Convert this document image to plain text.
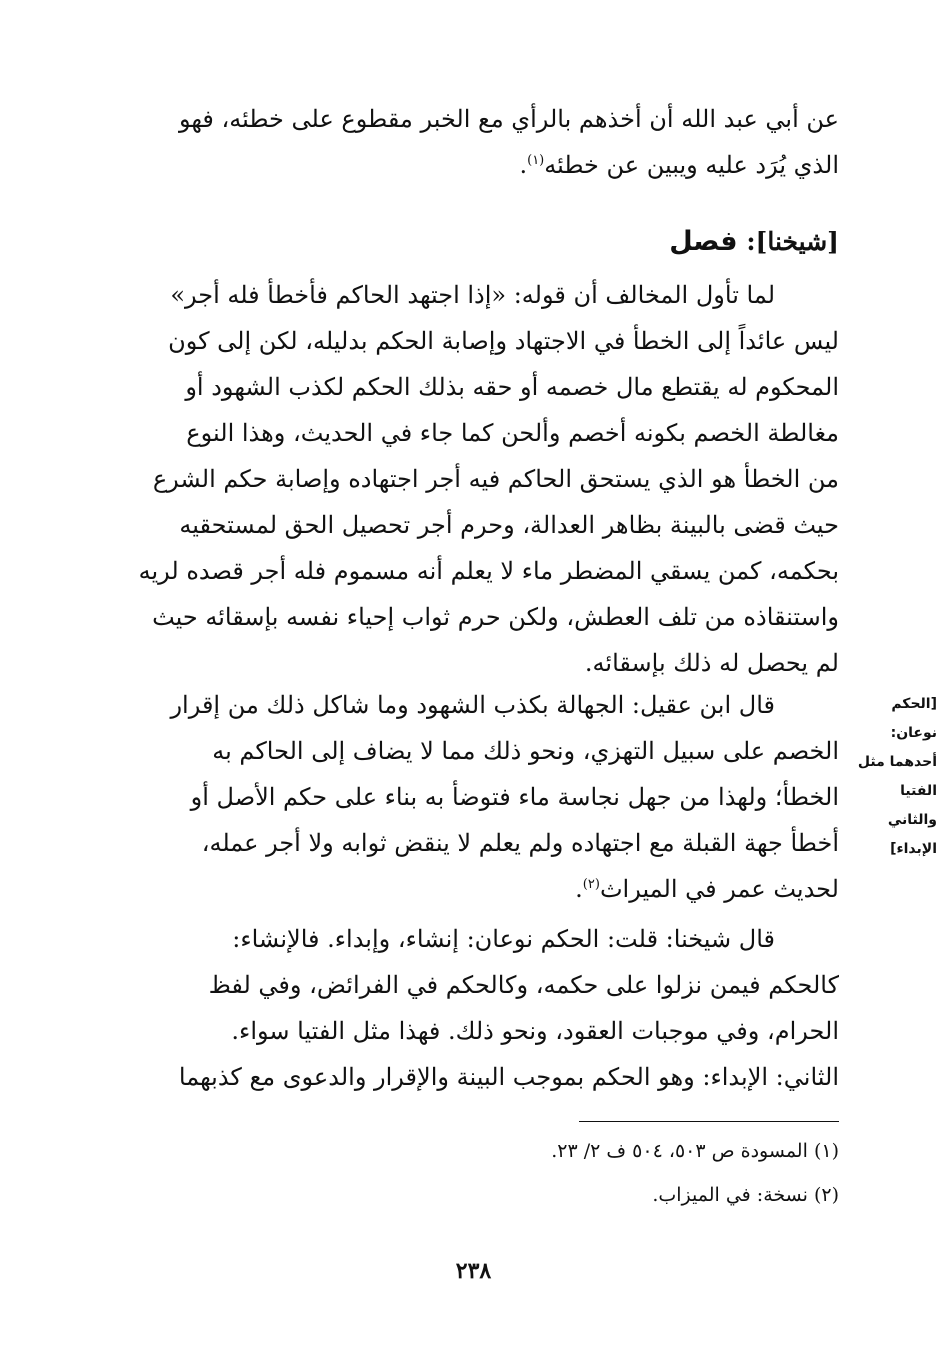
عن أبي عبد الله أن أخذهم بالرأي مع الخبر مقطوع على خطئه، فهو
الذي يُرَد عليه ويبين عن خطئه$^{(١)}$.
[شيخنا]: فصل
لما تأول المخالف أن قوله: «إذا اجتهد الحاكم فأخطأ فله أجر»
ليس عائداً إلى الخطأ في الاجتهاد وإصابة الحكم بدليله، لكن إلى كون
المحكوم له يقتطع مال خصمه أو حقه بذلك الحكم لكذب الشهود أو
مغالطة الخصم بكونه أخصم وألحن كما جاء في الحديث، وهذا النوع
من الخطأ هو الذي يستحق الحاكم فيه أجر اجتهاده وإصابة حكم الشرع
حيث قضى بالبينة بظاهر العدالة، وحرم أجر تحصيل الحق لمستحقيه
بحكمه، كمن يسقي المضطر ماء لا يعلم أنه مسموم فله أجر قصده لريه
واستنقاذه من تلف العطش، ولكن حرم ثواب إحياء نفسه بإسقائه حيث
لم يحصل له ذلك بإسقائه.
قال ابن عقيل: الجهالة بكذب الشهود وما شاكل ذلك من إقرار
الخصم على سبيل التهزي، ونحو ذلك مما لا يضاف إلى الحاكم به
الخطأ؛ ولهذا من جهل نجاسة ماء فتوضأ به بناء على حكم الأصل أو
أخطأ جهة القبلة مع اجتهاده ولم يعلم لا ينقض ثوابه ولا أجر عمله،
لحديث عمر في الميراث$^{(٢)}$.
[الحكم
نوعان:
أحدهما مثل
الفتيا
والثاني
الإبداء]
قال شيخنا: قلت: الحكم نوعان: إنشاء، وإبداء. فالإنشاء:
كالحكم فيمن نزلوا على حكمه، وكالحكم في الفرائض، وفي لفظ
الحرام، وفي موجبات العقود، ونحو ذلك. فهذا مثل الفتيا سواء.
الثاني: الإبداء: وهو الحكم بموجب البينة والإقرار والدعوى مع كذبهما
(١) المسودة ص ٥٠٣، ٥٠٤ ف ٢/ ٢٣.
(٢) نسخة: في الميزاب.
٢٣٨
